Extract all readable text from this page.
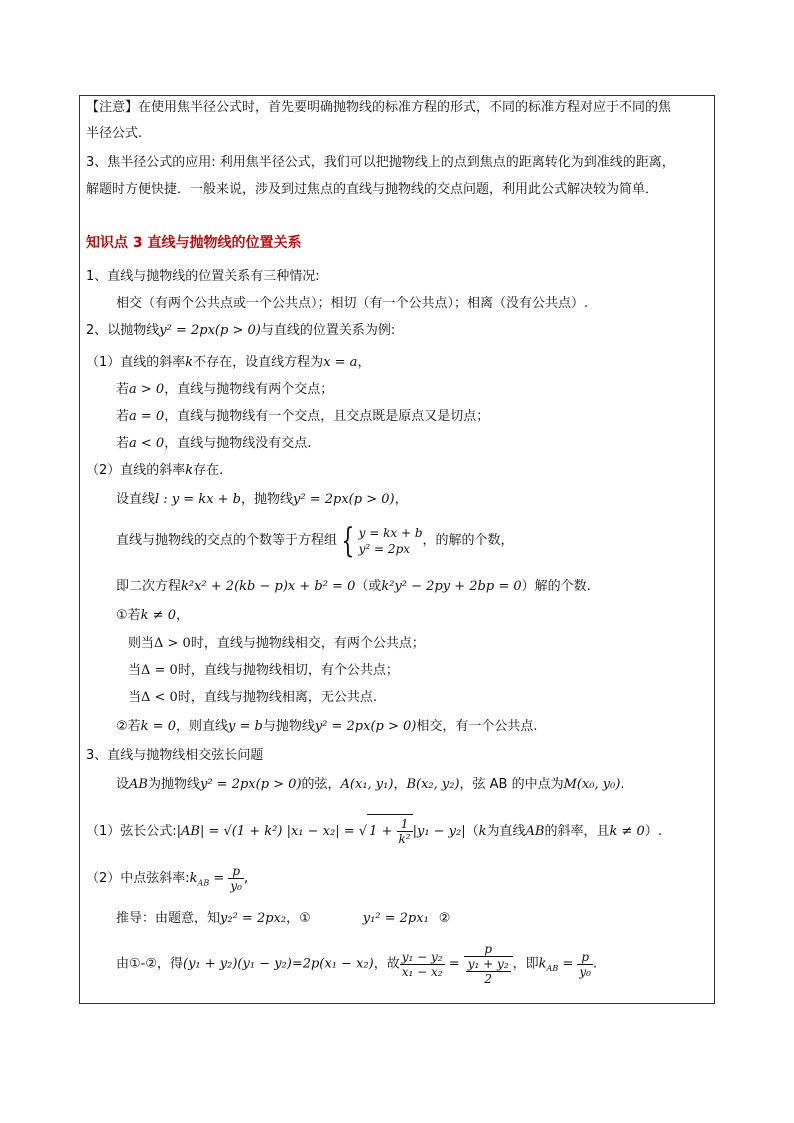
【注意】在使用焦半径公式时，首先要明确抛物线的标准方程的形式，不同的标准方程对应于不同的焦
半径公式.
3、焦半径公式的应用: 利用焦半径公式，我们可以把抛物线上的点到焦点的距离转化为到准线的距离，
解题时方便快捷．一般来说，涉及到过焦点的直线与抛物线的交点问题，利用此公式解决较为简单．
知识点 3 直线与抛物线的位置关系
1、直线与抛物线的位置关系有三种情况:
相交（有两个公共点或一个公共点）；相切（有一个公共点）；相离（没有公共点）.
2、以抛物线y² = 2px(p > 0)与直线的位置关系为例:
（1）直线的斜率k不存在，设直线方程为x = a，
若a > 0，直线与抛物线有两个交点；
若a = 0，直线与抛物线有一个交点，且交点既是原点又是切点；
若a < 0，直线与抛物线没有交点.
（2）直线的斜率k存在.
设直线l : y = kx + b，抛物线y² = 2px(p > 0)，
直线与抛物线的交点的个数等于方程组 { y = kx + b
y² = 2px
，的解的个数，
即二次方程k²x² + 2(kb − p)x + b² = 0（或k²y² − 2py + 2bp = 0）解的个数.
①若k ≠ 0，
则当Δ > 0时，直线与抛物线相交，有两个公共点；
当Δ = 0时，直线与抛物线相切，有个公共点；
当Δ < 0时，直线与抛物线相离，无公共点.
②若k = 0，则直线y = b与抛物线y² = 2px(p > 0)相交，有一个公共点.
3、直线与抛物线相交弦长问题
设AB为抛物线y² = 2px(p > 0)的弦，A(x₁, y₁)，B(x₂, y₂)，弦 AB 的中点为M(x₀, y₀).
（1）弦长公式:|AB| = √(1 + k²) |x₁ − x₂| = √ $1 + \frac{1}{\text{k²}} |y_1 - y_2|(k$为直线AB的斜率，且k ≠ 0）.
（2）中点弦斜率$:k_{AB} = \frac{p}{\text{y₀}}$ ,
推导：由题意，知y₂² = 2px₂，①	y₁² = 2px₁ ②
由①-②，得(y₁ + y₂)(y₁ − y₂)=2p(x₁ − x₂)，故 $\frac{\text{y₁ − y₂}}{\text{x₁ − x₂}} = p$
y₁ + y₂
2 ，即$k_{AB} = \frac{p}{\text{y₀}}$ .
